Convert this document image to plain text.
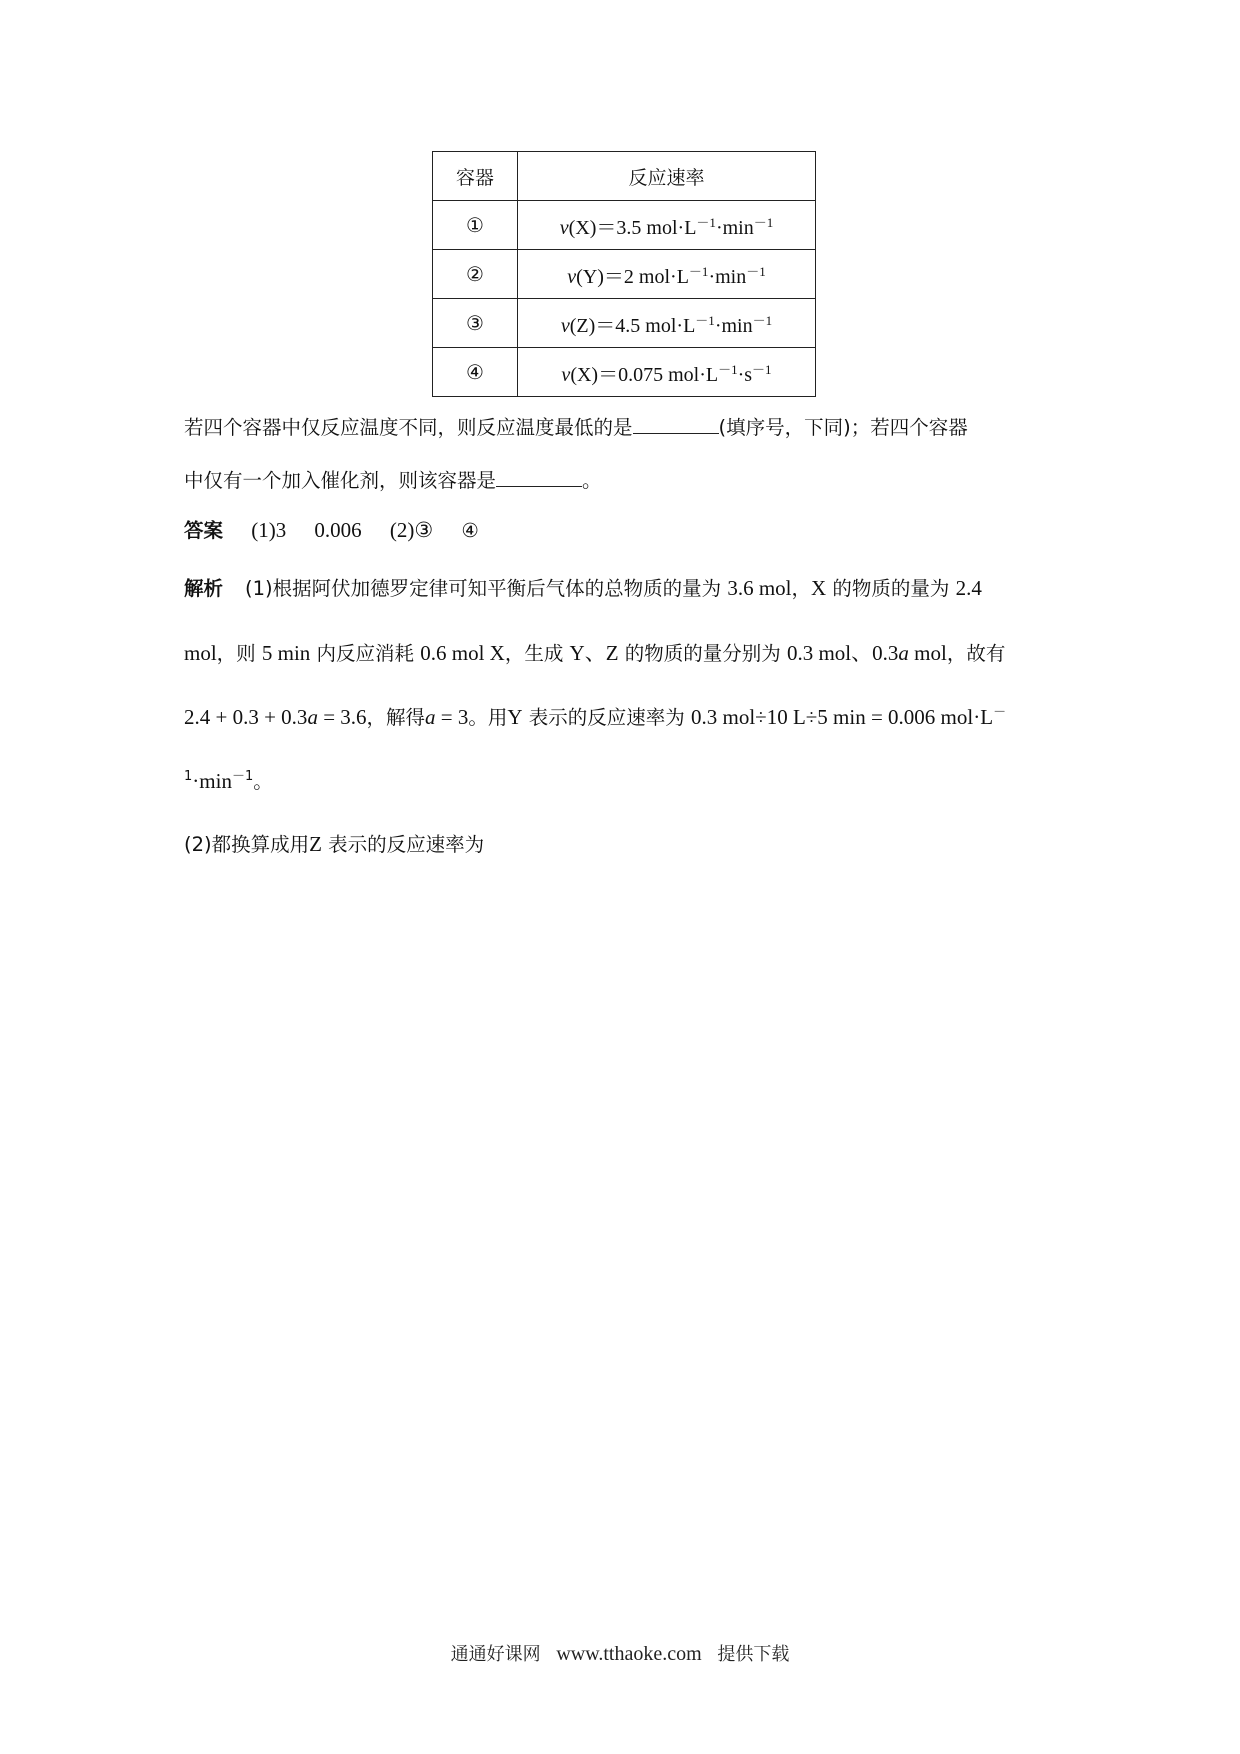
容器	反应速率
①	v(X)＝3.5 $mol\cdot L^{-1}\cdot\min^{-1}$
②	v(Y)＝2 $mol\cdot L^{-1}\cdot\min^{-1}$
③	v(Z)＝4.5 $mol\cdot L^{-1}\cdot\min^{-1}$
④	v(X)＝0.075 $mol\cdot L^{-1}\cdot s^{-1}$
若四个容器中仅反应温度不同，则反应温度最低的是	(填序号，下同)；若四个容器
中仅有一个加入催化剂，则该容器是	。
答案 (1)3 0.006 (2)③ ④
解析 (1)根据阿伏加德罗定律可知平衡后气体的总物质的量为 3.6 mol，X 的物质的量为 2.4
mol，则 5 min 内反应消耗 0.6 mol X，生成 Y、Z 的物质的量分别为 0.3 mol、0.3a mol，故有
2.4 + 0.3 + 0.3a = 3.6，解得a = 3。用Y 表示的反应速率为 0.3 mol÷10 L÷5 min = 0.006 mol·L－
$^1\cdot\min^{-1}$。
(2)都换算成用Z 表示的反应速率为
通通好课网 www.tthaoke.com 提供下载
